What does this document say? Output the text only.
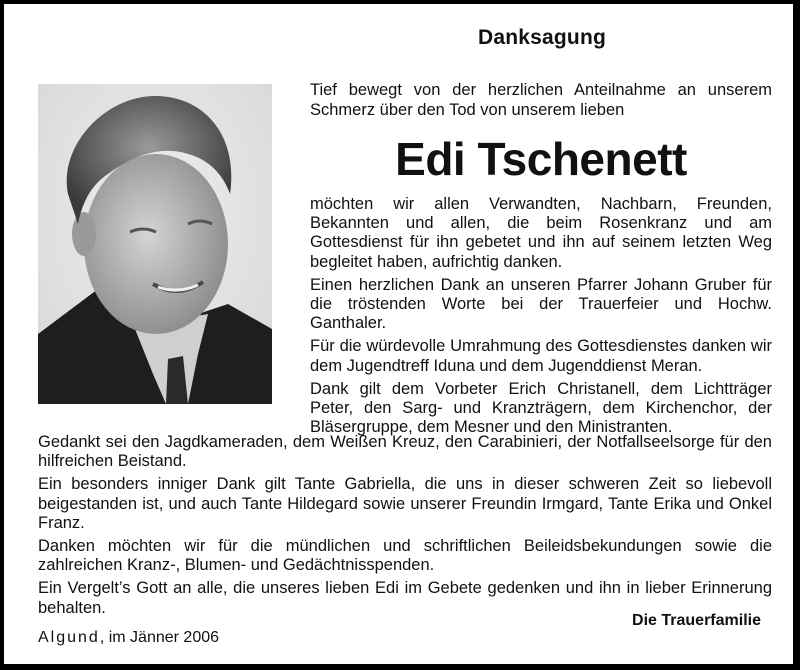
Danksagung
Tief bewegt von der herzlichen Anteilnahme an unserem Schmerz über den Tod von unserem lieben
Edi Tschenett

möchten wir allen Verwandten, Nachbarn, Freunden, Bekannten und allen, die beim Rosenkranz und am Gottesdienst für ihn gebetet und ihn auf seinem letzten Weg begleitet haben, aufrichtig danken.

Einen herzlichen Dank an unseren Pfarrer Johann Gruber für die tröstenden Worte bei der Trauerfeier und Hochw. Ganthaler.

Für die würdevolle Umrahmung des Gottesdienstes danken wir dem Jugendtreff Iduna und dem Jugenddienst Meran.

Dank gilt dem Vorbeter Erich Christanell, dem Lichtträger Peter, den Sarg- und Kranzträgern, dem Kirchenchor, der Bläsergruppe, dem Mesner und den Ministranten.

Gedankt sei den Jagdkameraden, dem Weißen Kreuz, den Carabinieri, der Notfallseelsorge für den hilfreichen Beistand.

Ein besonders inniger Dank gilt Tante Gabriella, die uns in dieser schweren Zeit so liebevoll beigestanden ist, und auch Tante Hildegard sowie unserer Freundin Irmgard, Tante Erika und Onkel Franz.

Danken möchten wir für die mündlichen und schriftlichen Beileidsbekundungen sowie die zahlreichen Kranz-, Blumen- und Gedächtnisspenden.

Ein Vergelt’s Gott an alle, die unseres lieben Edi im Gebete gedenken und ihn in lieber Erinnerung behalten.

Die Trauerfamilie
Algund, im Jänner 2006
